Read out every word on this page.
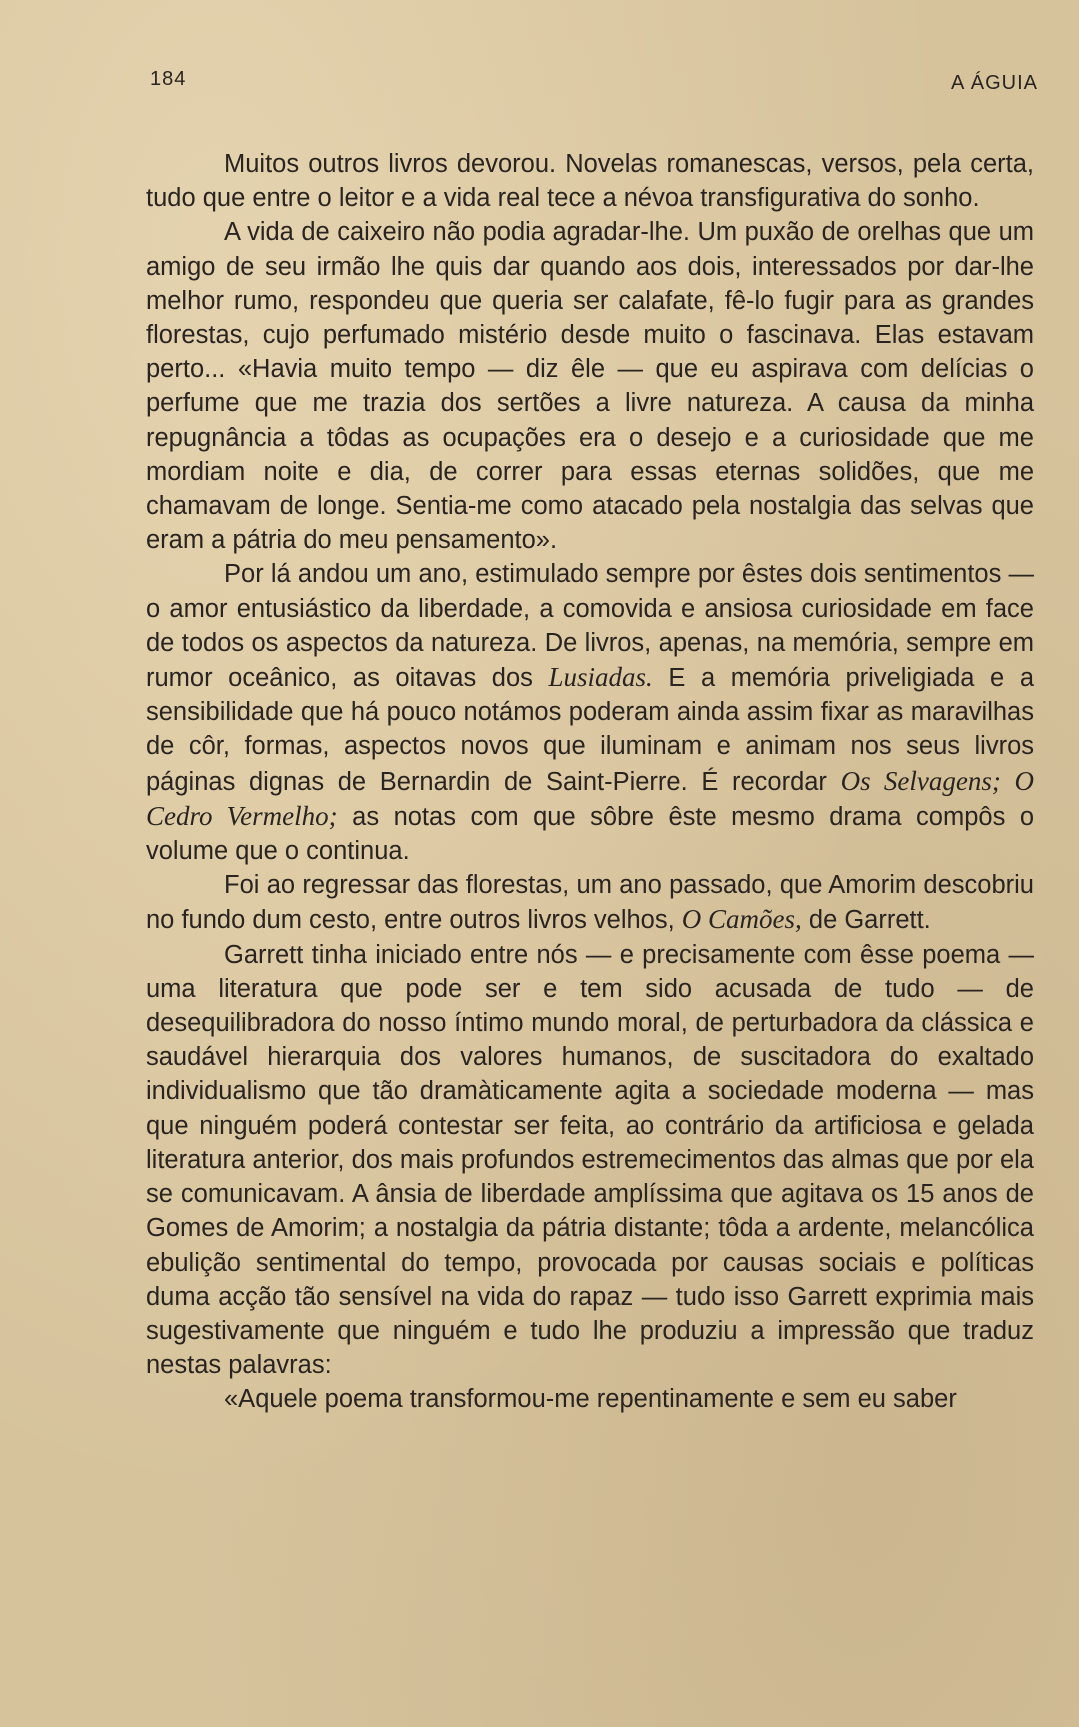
184	A ÁGUIA

Muitos outros livros devorou. Novelas romanescas, versos, pela certa, tudo que entre o leitor e a vida real tece a névoa transfigurativa do sonho.

A vida de caixeiro não podia agradar-lhe. Um puxão de orelhas que um amigo de seu irmão lhe quis dar quando aos dois, interessados por dar-lhe melhor rumo, respondeu que queria ser calafate, fê-lo fugir para as grandes florestas, cujo perfumado mistério desde muito o fascinava. Elas estavam perto... «Havia muito tempo — diz êle — que eu aspirava com delícias o perfume que me trazia dos sertões a livre natureza. A causa da minha repugnância a tôdas as ocupações era o desejo e a curiosidade que me mordiam noite e dia, de correr para essas eternas solidões, que me chamavam de longe. Sentia-me como atacado pela nostalgia das selvas que eram a pátria do meu pensamento».

Por lá andou um ano, estimulado sempre por êstes dois sentimentos — o amor entusiástico da liberdade, a comovida e ansiosa curiosidade em face de todos os aspectos da natureza. De livros, apenas, na memória, sempre em rumor oceânico, as oitavas dos Lusiadas. E a memória priveligiada e a sensibilidade que há pouco notámos poderam ainda assim fixar as maravilhas de côr, formas, aspectos novos que iluminam e animam nos seus livros páginas dignas de Bernardin de Saint-Pierre. É recordar Os Selvagens; O Cedro Vermelho; as notas com que sôbre êste mesmo drama compôs o volume que o continua.

Foi ao regressar das florestas, um ano passado, que Amorim descobriu no fundo dum cesto, entre outros livros velhos, O Camões, de Garrett.

Garrett tinha iniciado entre nós — e precisamente com êsse poema — uma literatura que pode ser e tem sido acusada de tudo — de desequilibradora do nosso íntimo mundo moral, de perturbadora da clássica e saudável hierarquia dos valores humanos, de suscitadora do exaltado individualismo que tão dramàticamente agita a sociedade moderna — mas que ninguém poderá contestar ser feita, ao contrário da artificiosa e gelada literatura anterior, dos mais profundos estremecimentos das almas que por ela se comunicavam. A ânsia de liberdade amplíssima que agitava os 15 anos de Gomes de Amorim; a nostalgia da pátria distante; tôda a ardente, melancólica ebulição sentimental do tempo, provocada por causas sociais e políticas duma acção tão sensível na vida do rapaz — tudo isso Garrett exprimia mais sugestivamente que ninguém e tudo lhe produziu a impressão que traduz nestas palavras:

«Aquele poema transformou-me repentinamente e sem eu saber
